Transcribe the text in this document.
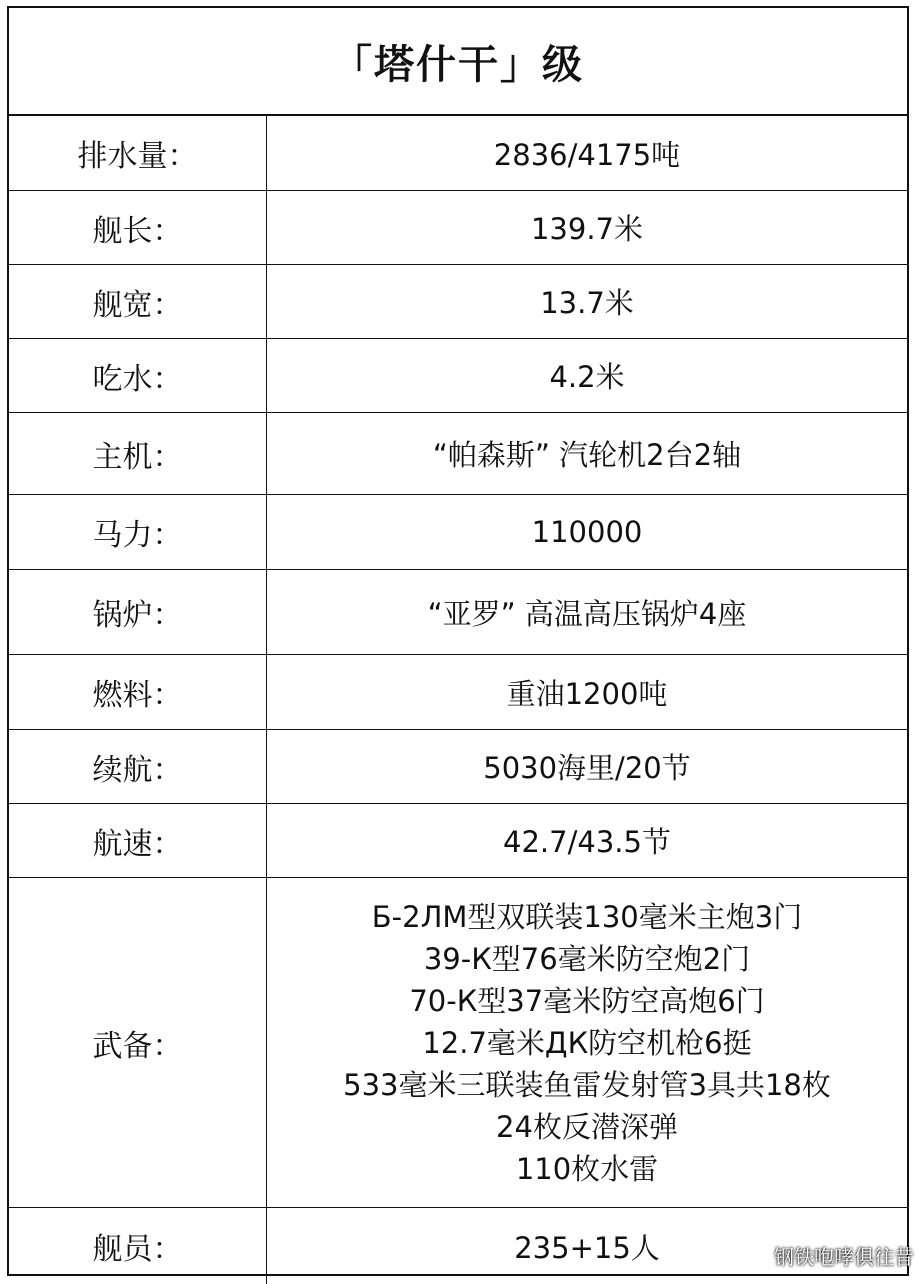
「塔什干」级
排水量：	2836/4175吨
舰长：	139.7米
舰宽：	13.7米
吃水：	4.2米
主机：	“帕森斯” 汽轮机2台2轴
马力：	110000
锅炉：	“亚罗” 高温高压锅炉4座
燃料：	重油1200吨
续航：	5030海里/20节
航速：	42.7/43.5节
武备：
Б-2ЛМ型双联装130毫米主炮3门
39-К型76毫米防空炮2门
70-К型37毫米防空高炮6门
12.7毫米ДК防空机枪6挺
533毫米三联装鱼雷发射管3具共18枚
24枚反潜深弹
110枚水雷
舰员：	235+15人	钢铁咆哮俱往昔
